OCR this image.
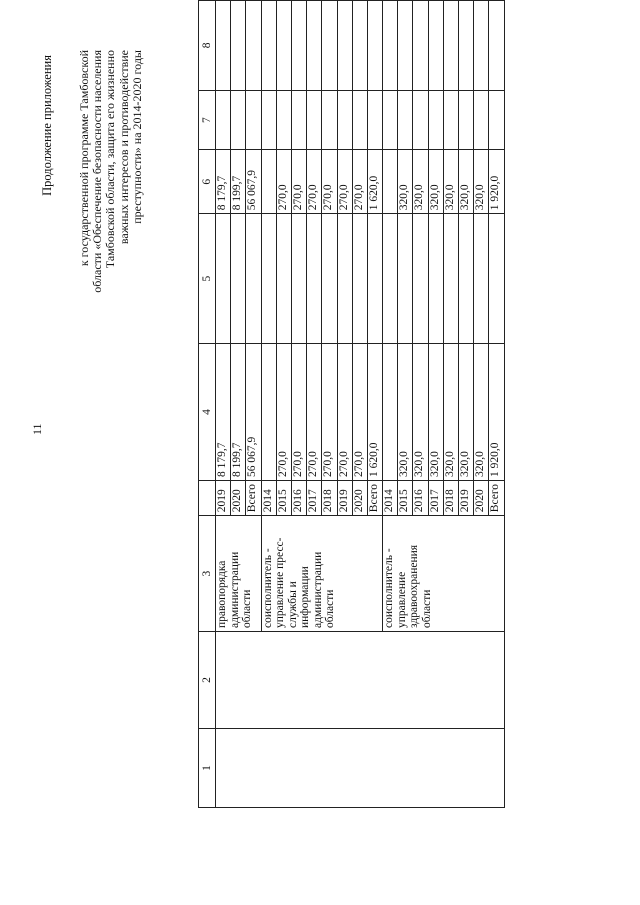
11
Продолжение приложения к государственной программе Тамбовской области «Обеспечение безопасности населения Тамбовской области, защита его жизненно важных интересов и противодействие преступности» на 2014-2020 годы
1	2	3		4	5	6	7	8
		правопорядка администрации области	2019	8 179,7		8 179,7		
			2020	8 199,7		8 199,7		
			Всего	56 067,9		56 067,9		
		соисполнитель - управление пресс-службы и информации администрации области	2014					
			2015	270,0		270,0		
			2016	270,0		270,0		
			2017	270,0		270,0		
			2018	270,0		270,0		
			2019	270,0		270,0		
			2020	270,0		270,0		
			Всего	1 620,0		1 620,0		
		соисполнитель - управление здравоохранения области	2014					
			2015	320,0		320,0		
			2016	320,0		320,0		
			2017	320,0		320,0		
			2018	320,0		320,0		
			2019	320,0		320,0		
			2020	320,0		320,0		
			Всего	1 920,0		1 920,0		
